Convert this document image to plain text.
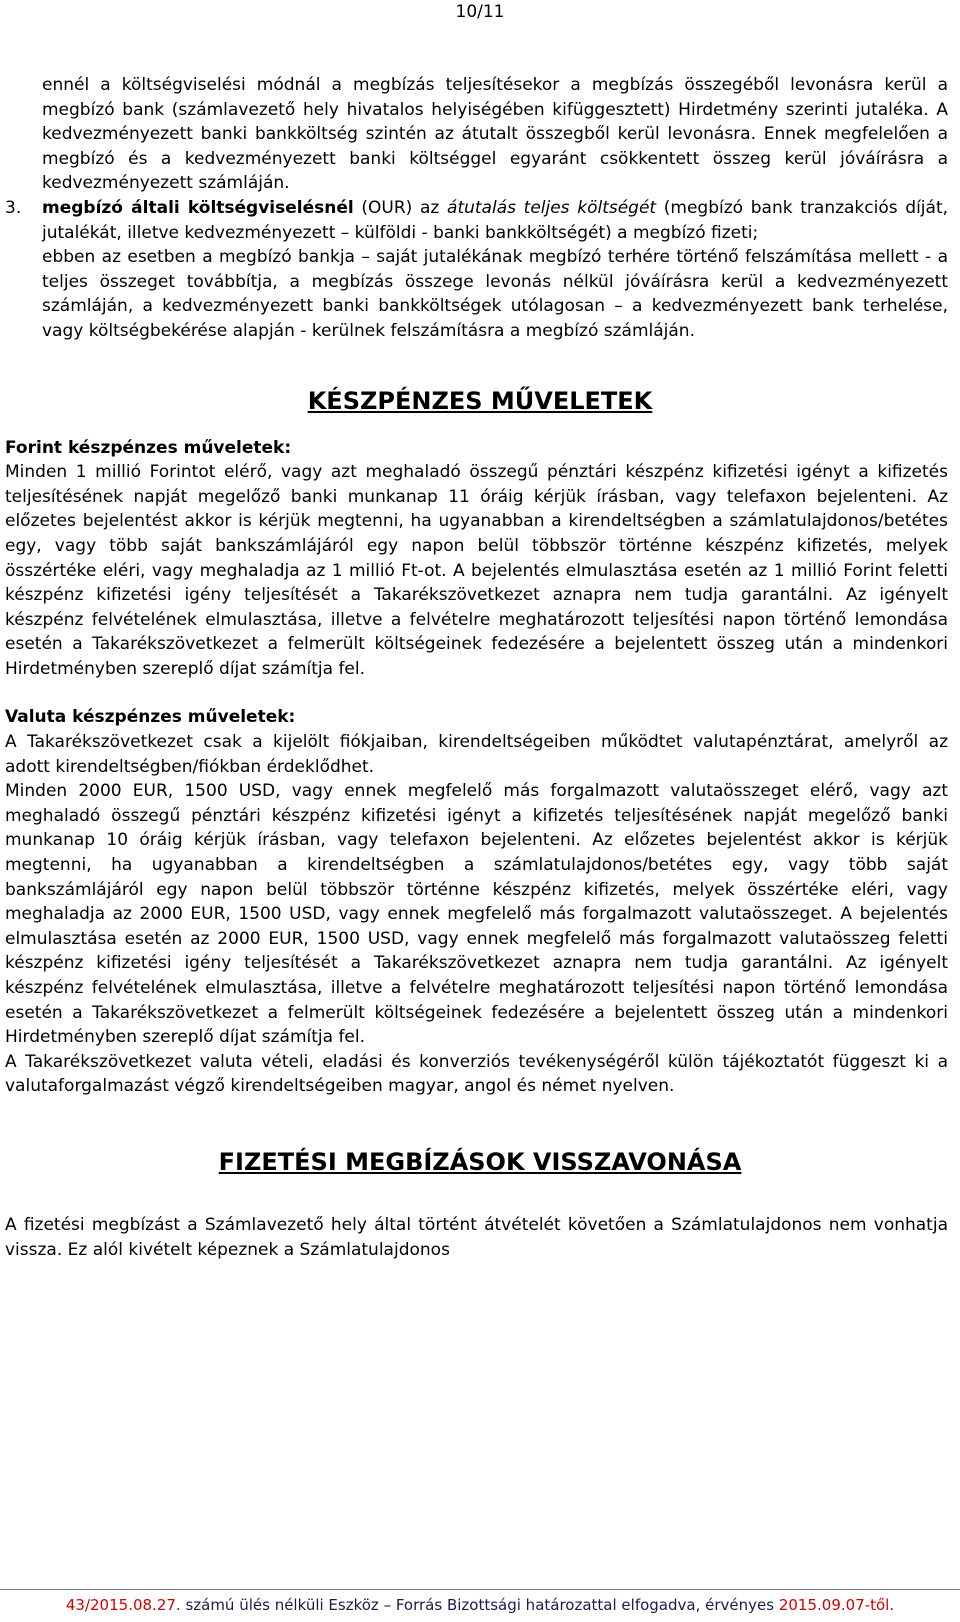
10/11

ennél a költségviselési módnál a megbízás teljesítésekor a megbízás összegéből levonásra kerül a megbízó bank (számlavezető hely hivatalos helyiségében kifüggesztett) Hirdetmény szerinti jutaléka. A kedvezményezett banki bankköltség szintén az átutalt összegből kerül levonásra. Ennek megfelelően a megbízó és a kedvezményezett banki költséggel egyaránt csökkentett összeg kerül jóváírásra a kedvezményezett számláján.

3. megbízó általi költségviselésnél (OUR) az átutalás teljes költségét (megbízó bank tranzakciós díját, jutalékát, illetve kedvezményezett – külföldi - banki bankköltségét) a megbízó fizeti;

ebben az esetben a megbízó bankja – saját jutalékának megbízó terhére történő felszámítása mellett - a teljes összeget továbbítja, a megbízás összege levonás nélkül jóváírásra kerül a kedvezményezett számláján, a kedvezményezett banki bankköltségek utólagosan – a kedvezményezett bank terhelése, vagy költségbekérése alapján - kerülnek felszámításra a megbízó számláján.

KÉSZPÉNZES MŰVELETEK

Forint készpénzes műveletek:

Minden 1 millió Forintot elérő, vagy azt meghaladó összegű pénztári készpénz kifizetési igényt a kifizetés teljesítésének napját megelőző banki munkanap 11 óráig kérjük írásban, vagy telefaxon bejelenteni. Az előzetes bejelentést akkor is kérjük megtenni, ha ugyanabban a kirendeltségben a számlatulajdonos/betétes egy, vagy több saját bankszámlájáról egy napon belül többször történne készpénz kifizetés, melyek összértéke eléri, vagy meghaladja az 1 millió Ft-ot. A bejelentés elmulasztása esetén az 1 millió Forint feletti készpénz kifizetési igény teljesítését a Takarékszövetkezet aznapra nem tudja garantálni. Az igényelt készpénz felvételének elmulasztása, illetve a felvételre meghatározott teljesítési napon történő lemondása esetén a Takarékszövetkezet a felmerült költségeinek fedezésére a bejelentett összeg után a mindenkori Hirdetményben szereplő díjat számítja fel.

Valuta készpénzes műveletek:

A Takarékszövetkezet csak a kijelölt fiókjaiban, kirendeltségeiben működtet valutapénztárat, amelyről az adott kirendeltségben/fiókban érdeklődhet.

Minden 2000 EUR, 1500 USD, vagy ennek megfelelő más forgalmazott valutaösszeget elérő, vagy azt meghaladó összegű pénztári készpénz kifizetési igényt a kifizetés teljesítésének napját megelőző banki munkanap 10 óráig kérjük írásban, vagy telefaxon bejelenteni. Az előzetes bejelentést akkor is kérjük megtenni, ha ugyanabban a kirendeltségben a számlatulajdonos/betétes egy, vagy több saját bankszámlájáról egy napon belül többször történne készpénz kifizetés, melyek összértéke eléri, vagy meghaladja az 2000 EUR, 1500 USD, vagy ennek megfelelő más forgalmazott valutaösszeget. A bejelentés elmulasztása esetén az 2000 EUR, 1500 USD, vagy ennek megfelelő más forgalmazott valutaösszeg feletti készpénz kifizetési igény teljesítését a Takarékszövetkezet aznapra nem tudja garantálni. Az igényelt készpénz felvételének elmulasztása, illetve a felvételre meghatározott teljesítési napon történő lemondása esetén a Takarékszövetkezet a felmerült költségeinek fedezésére a bejelentett összeg után a mindenkori Hirdetményben szereplő díjat számítja fel.

A Takarékszövetkezet valuta vételi, eladási és konverziós tevékenységéről külön tájékoztatót függeszt ki a valutaforgalmazást végző kirendeltségeiben magyar, angol és német nyelven.

FIZETÉSI MEGBÍZÁSOK VISSZAVONÁSA

A fizetési megbízást a Számlavezető hely által történt átvételét követően a Számlatulajdonos nem vonhatja vissza. Ez alól kivételt képeznek a Számlatulajdonos

43/2015.08.27. számú ülés nélküli Eszköz – Forrás Bizottsági határozattal elfogadva, érvényes 2015.09.07-től.
